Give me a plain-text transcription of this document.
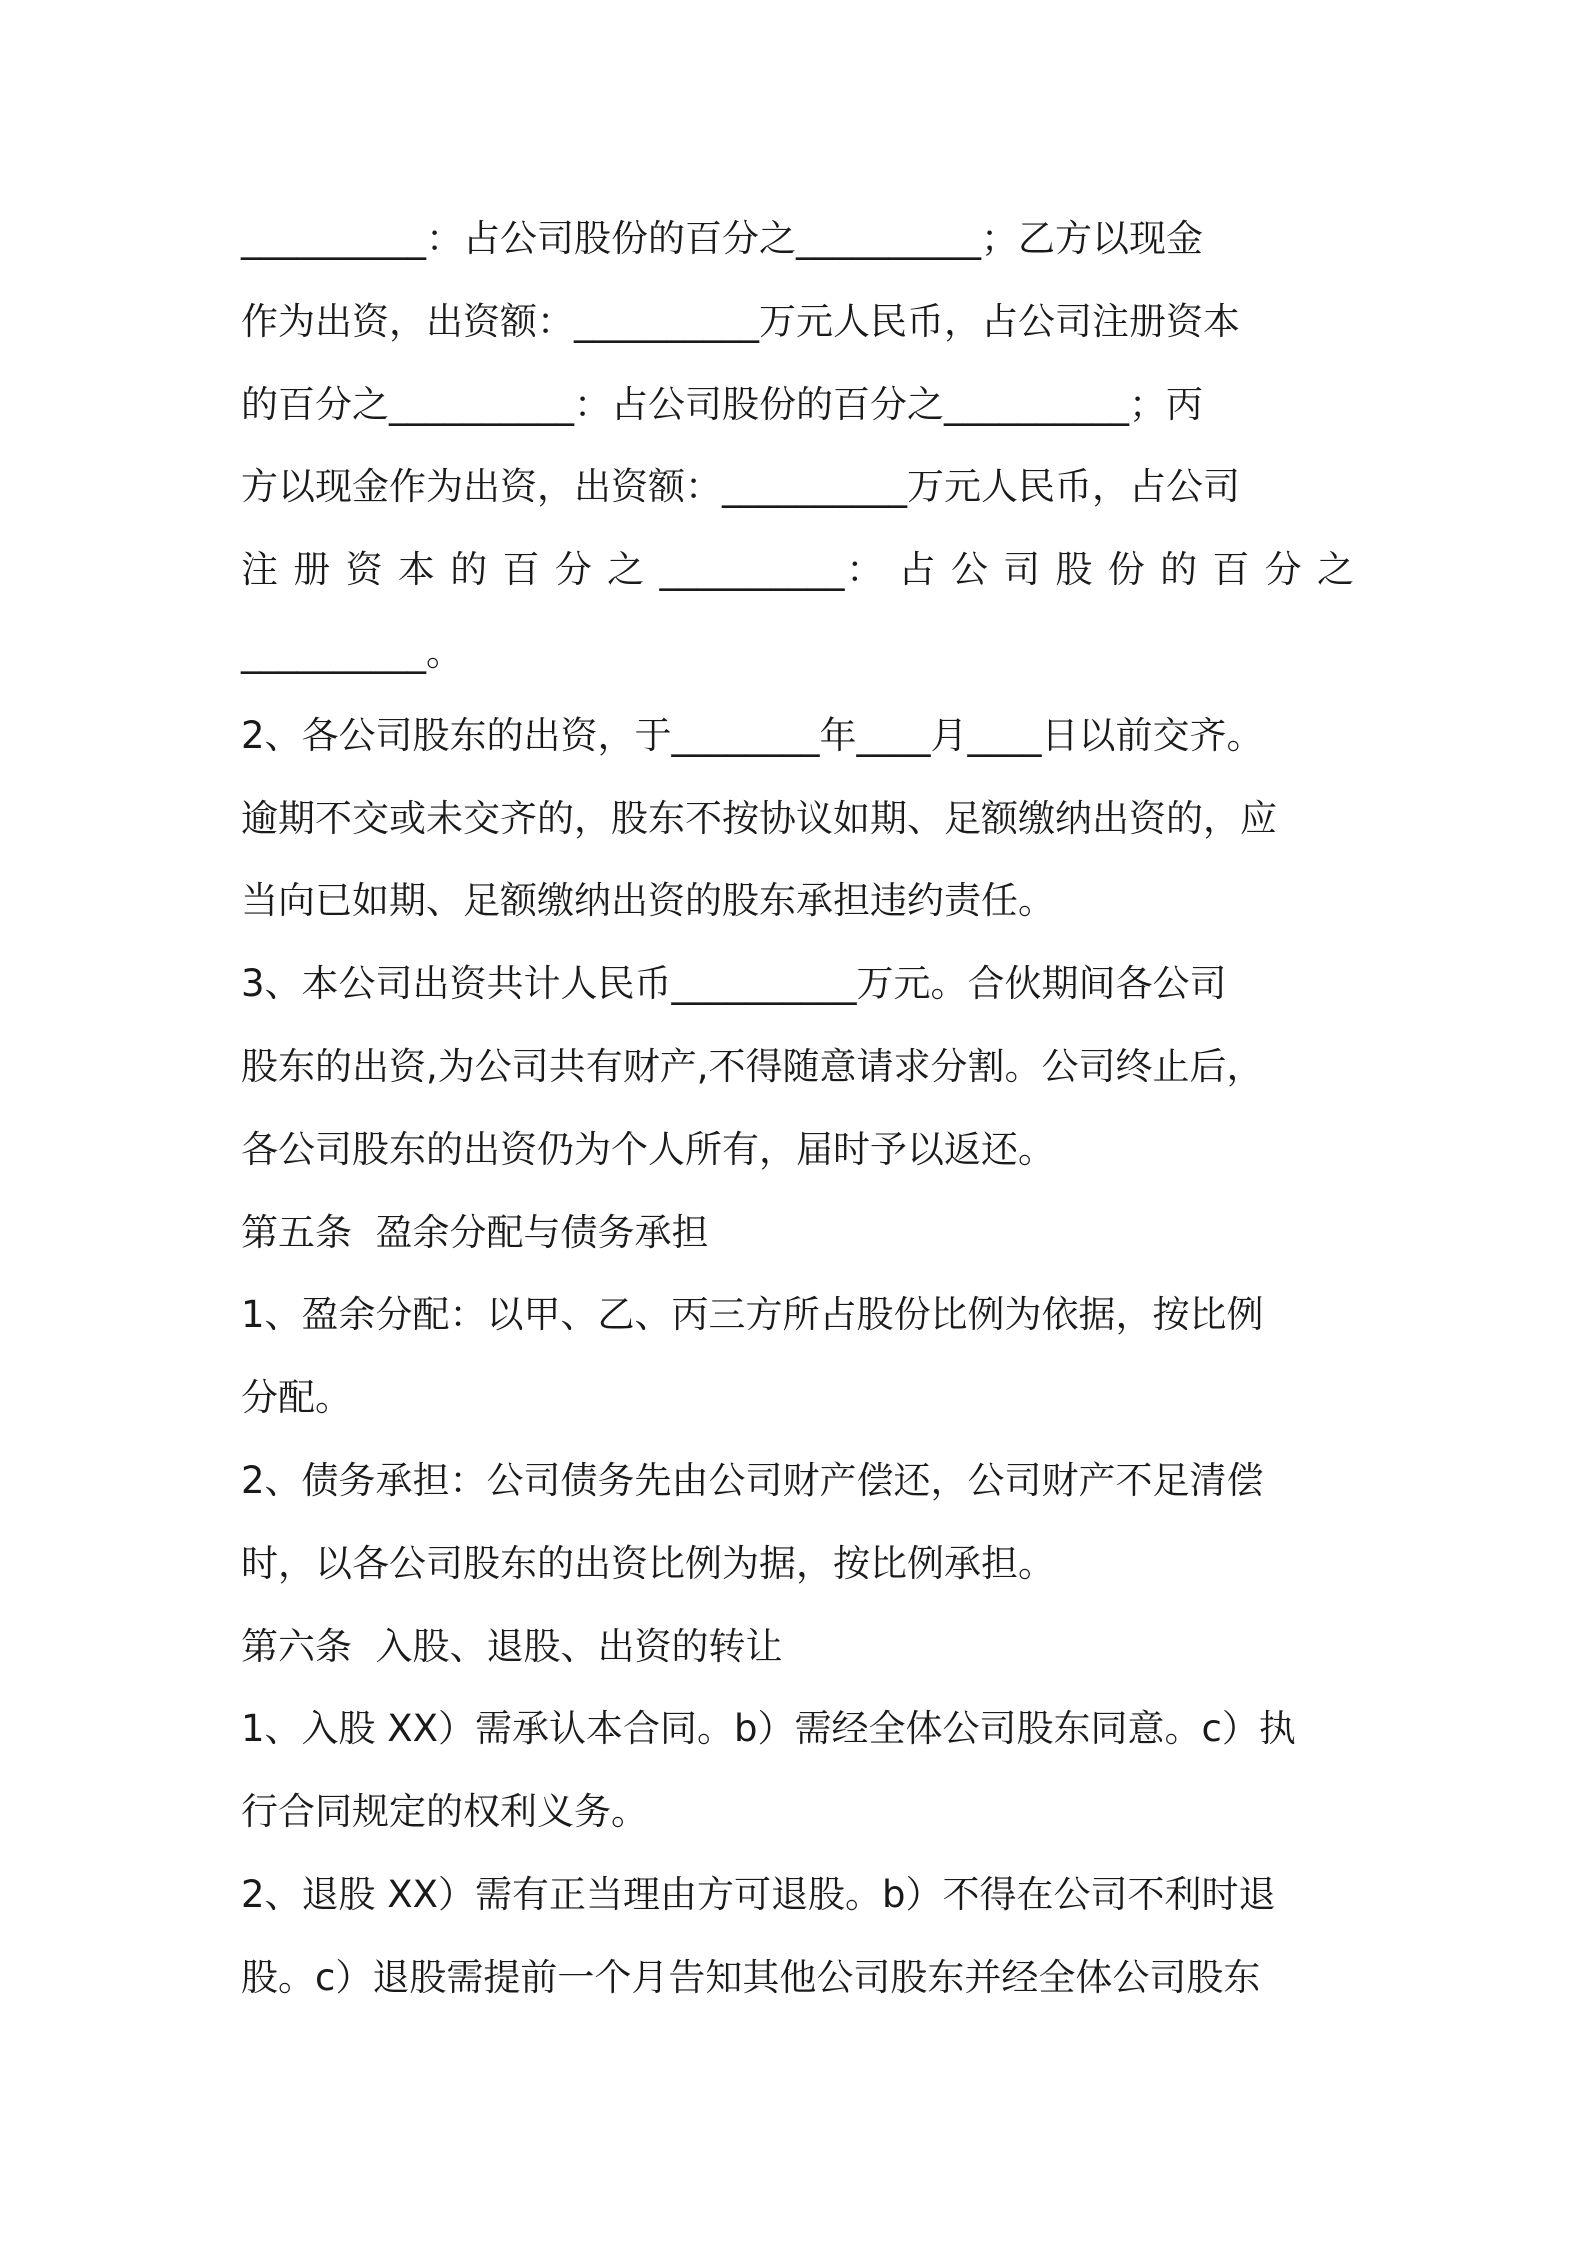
__________：占公司股份的百分之__________；乙方以现金
作为出资，出资额：__________万元人民币，占公司注册资本
的百分之__________：占公司股份的百分之__________；丙
方以现金作为出资，出资额：__________万元人民币，占公司
注 册 资 本 的 百 分 之 __________： 占 公 司 股 份 的 百 分 之
__________。
2、各公司股东的出资，于________年____月____日以前交齐。
逾期不交或未交齐的，股东不按协议如期、足额缴纳出资的，应
当向已如期、足额缴纳出资的股东承担违约责任。
3、本公司出资共计人民币__________万元。合伙期间各公司
股东的出资,为公司共有财产,不得随意请求分割。公司终止后，
各公司股东的出资仍为个人所有，届时予以返还。
第五条  盈余分配与债务承担
1、盈余分配：以甲、乙、丙三方所占股份比例为依据，按比例
分配。
2、债务承担：公司债务先由公司财产偿还，公司财产不足清偿
时，以各公司股东的出资比例为据，按比例承担。
第六条  入股、退股、出资的转让
1、入股 XX）需承认本合同。b）需经全体公司股东同意。c）执
行合同规定的权利义务。
2、退股 XX）需有正当理由方可退股。b）不得在公司不利时退
股。c）退股需提前一个月告知其他公司股东并经全体公司股东
